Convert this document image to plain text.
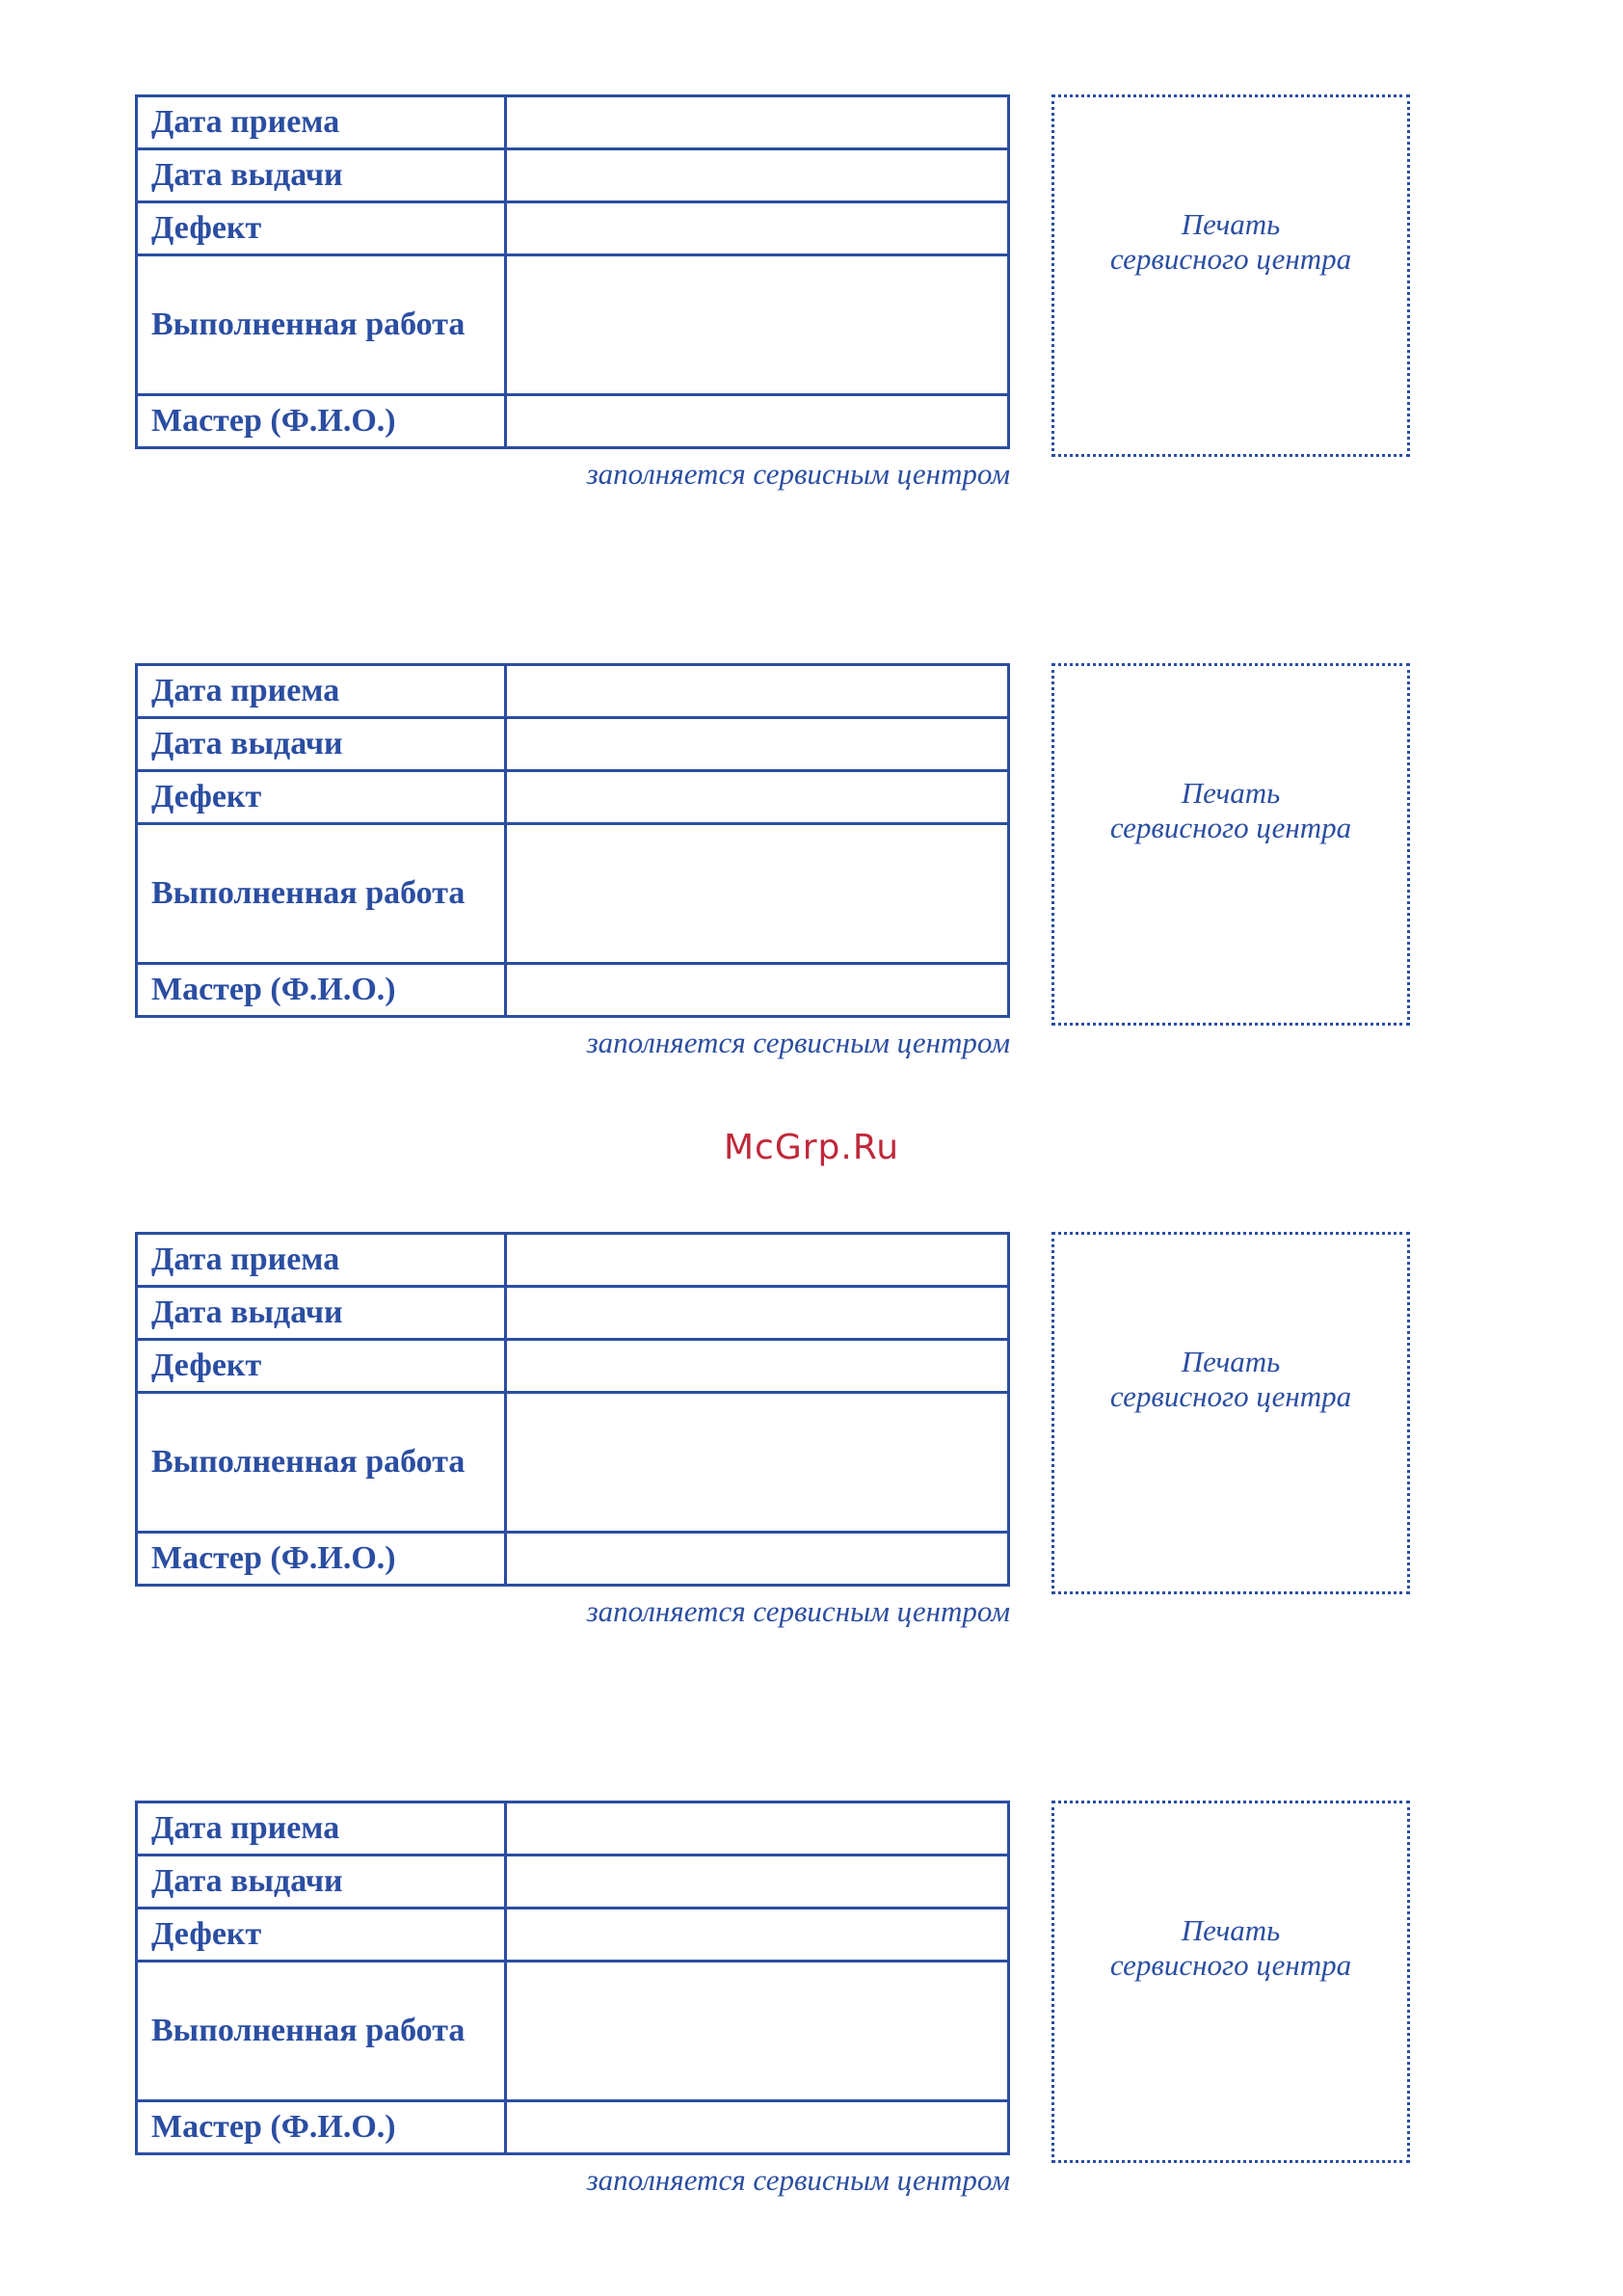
Дата приема	
Дата выдачи	
Дефект	
Выполненная работа	
Мастер (Ф.И.О.)	
заполняется сервисным центром
Печать
сервисного центра
Дата приема	
Дата выдачи	
Дефект	
Выполненная работа	
Мастер (Ф.И.О.)	
заполняется сервисным центром
Печать
сервисного центра
McGrp.Ru
Дата приема	
Дата выдачи	
Дефект	
Выполненная работа	
Мастер (Ф.И.О.)	
заполняется сервисным центром
Печать
сервисного центра
Дата приема	
Дата выдачи	
Дефект	
Выполненная работа	
Мастер (Ф.И.О.)	
заполняется сервисным центром
Печать
сервисного центра
